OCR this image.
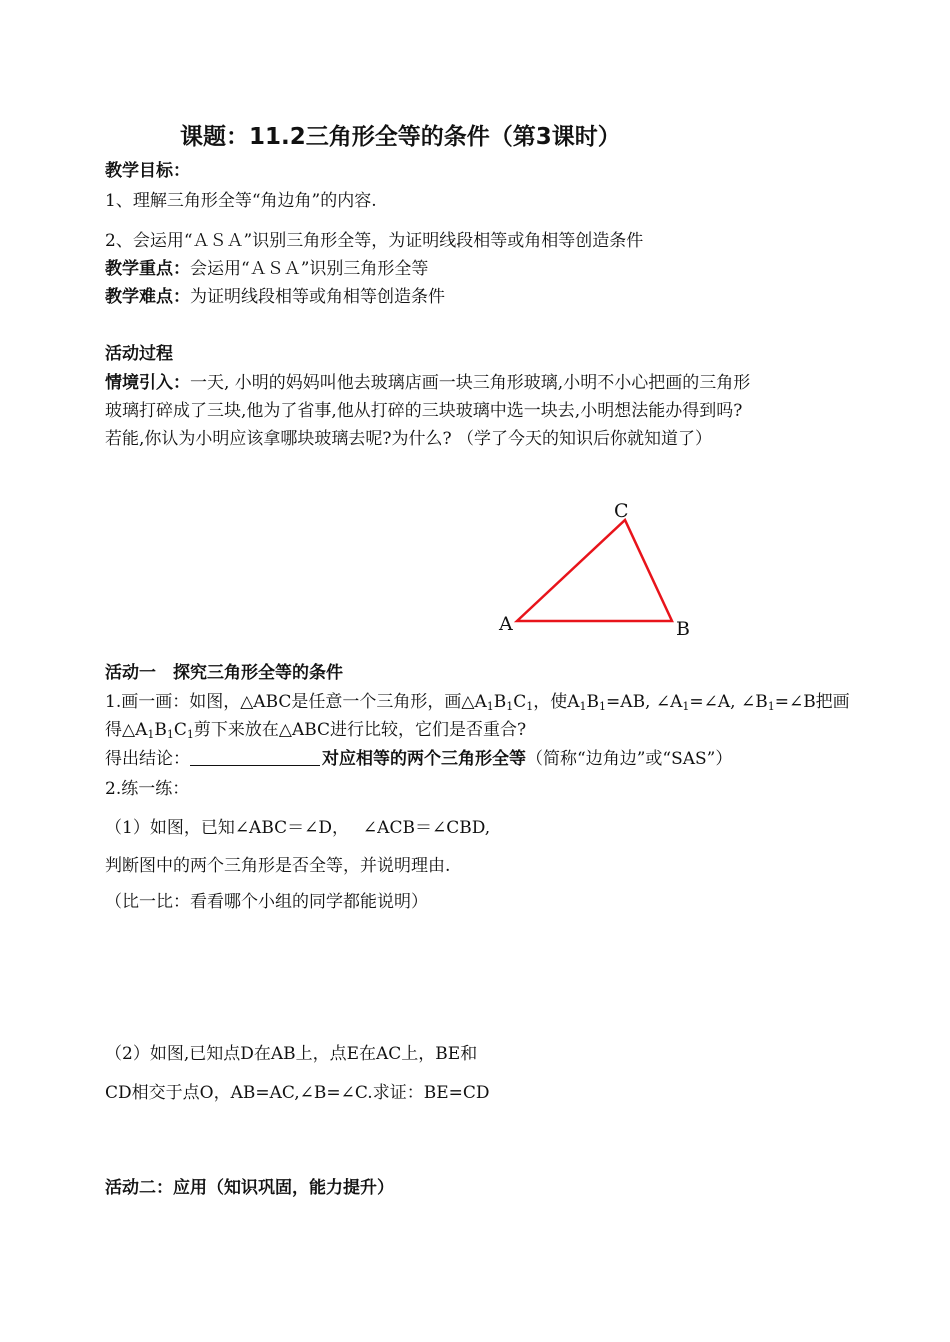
课题：11.2三角形全等的条件（第3课时）
教学目标：
1、理解三角形全等“角边角”的内容.
2、会运用“ＡＳＡ”识别三角形全等，为证明线段相等或角相等创造条件
教学重点：会运用“ＡＳＡ”识别三角形全等
教学难点：为证明线段相等或角相等创造条件
活动过程
情境引入：一天, 小明的妈妈叫他去玻璃店画一块三角形玻璃,小明不小心把画的三角形
玻璃打碎成了三块,他为了省事,他从打碎的三块玻璃中选一块去,小明想法能办得到吗?
若能,你认为小明应该拿哪块玻璃去呢?为什么? （学了今天的知识后你就知道了）
A	B
C
活动一　探究三角形全等的条件
1.画一画：如图，△ABC是任意一个三角形，画$\triangle A_1B_1C_1$，使$A_1B_1=AB$, $\angle A_1=\angle A$, $\angle B_1=\angle B$把画
得$\triangle A_1B_1C_1$剪下来放在△ABC进行比较，它们是否重合?
得出结论：	对应相等的两个三角形全等（简称“边角边”或“SAS”）
2.练一练：
（1）如图，已知∠ABC＝∠D，　 ∠ACB＝∠CBD,
判断图中的两个三角形是否全等，并说明理由.
（比一比：看看哪个小组的同学都能说明）
（2）如图,已知点D在AB上，点E在AC上，BE和
CD相交于点O，AB=AC,∠B=∠C.求证：BE=CD
活动二：应用（知识巩固，能力提升）
